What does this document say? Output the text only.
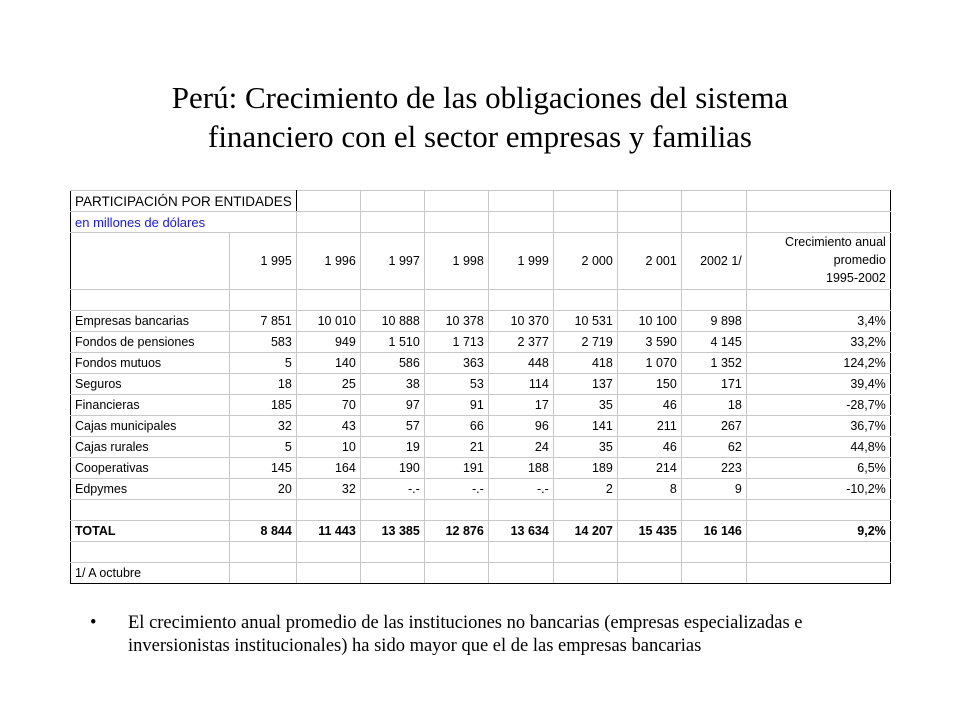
Perú: Crecimiento de las obligaciones del sistema
financiero con el sector empresas y familias
PARTICIPACIÓN POR ENTIDADES									
en millones de dólares									
	1 995	1 996	1 997	1 998	1 999	2 000	2 001	2002 1/	Crecimiento anual
promedio
1995-2002

Empresas bancarias	7 851	10 010	10 888	10 378	10 370	10 531	10 100	9 898	3,4%
Fondos de pensiones	583	949	1 510	1 713	2 377	2 719	3 590	4 145	33,2%
Fondos mutuos	5	140	586	363	448	418	1 070	1 352	124,2%
Seguros	18	25	38	53	114	137	150	171	39,4%
Financieras	185	70	97	91	17	35	46	18	-28,7%
Cajas municipales	32	43	57	66	96	141	211	267	36,7%
Cajas rurales	5	10	19	21	24	35	46	62	44,8%
Cooperativas	145	164	190	191	188	189	214	223	6,5%
Edpymes	20	32	-.-	-.-	-.-	2	8	9	-10,2%

TOTAL	8 844	11 443	13 385	12 876	13 634	14 207	15 435	16 146	9,2%

1/ A octubre									
• El crecimiento anual promedio de las instituciones no bancarias (empresas especializadas e inversionistas institucionales) ha sido mayor que el de las empresas bancarias
